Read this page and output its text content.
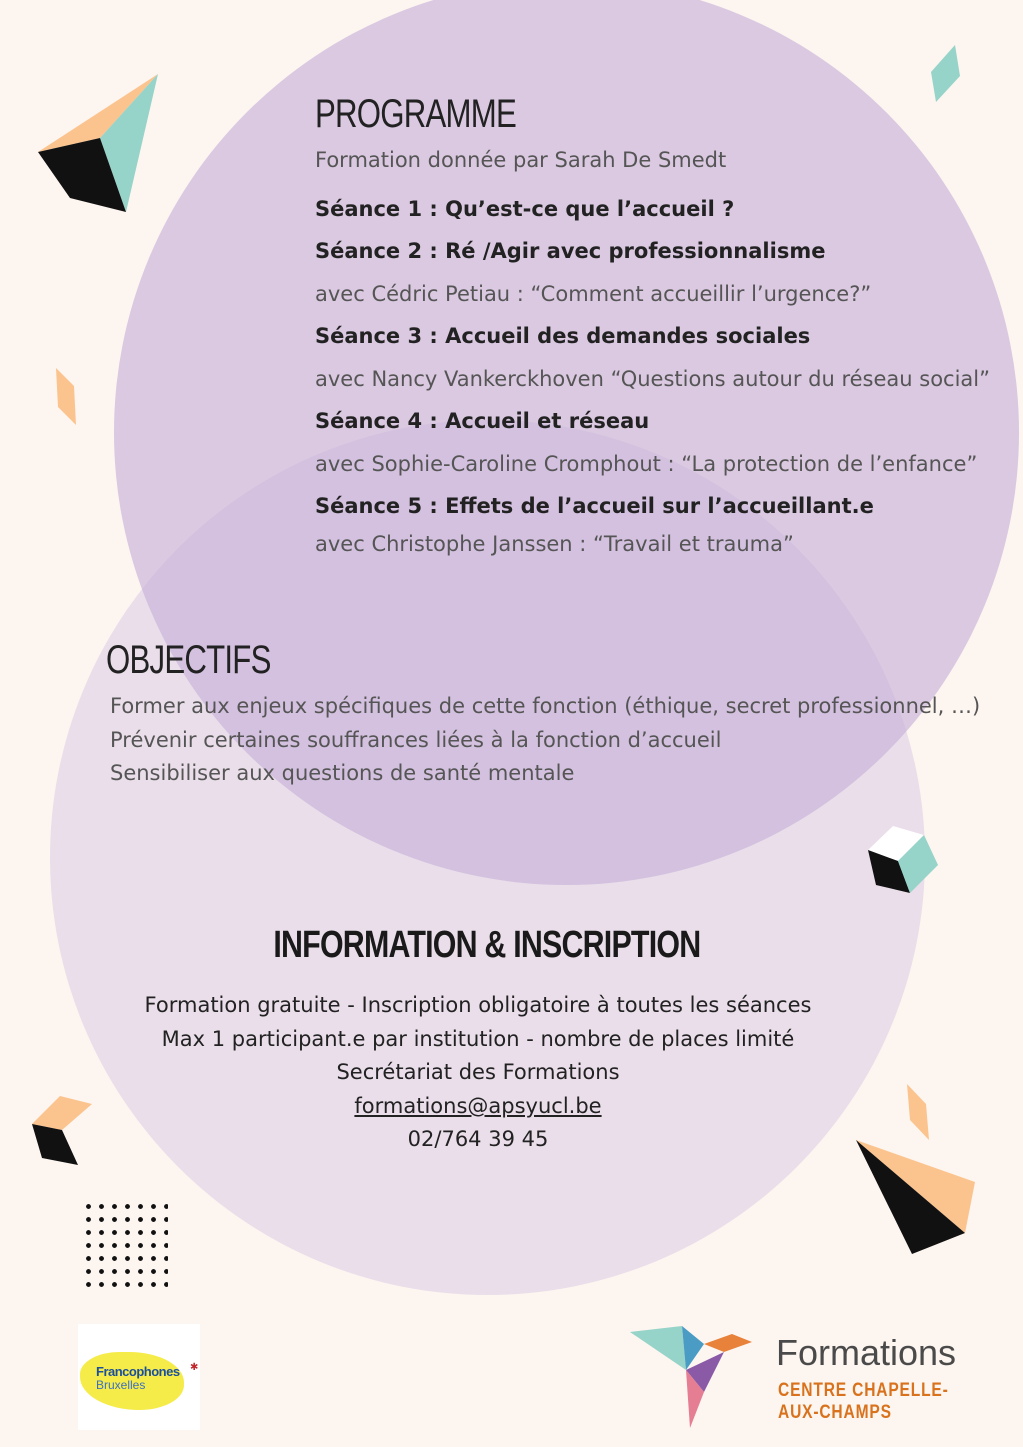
PROGRAMME
Formation donnée par Sarah De Smedt
Séance 1 : Qu’est-ce que l’accueil ?
Séance 2 : Ré /Agir avec professionnalisme
avec Cédric Petiau : “Comment accueillir l’urgence?”
Séance 3 : Accueil des demandes sociales
avec Nancy Vankerckhoven “Questions autour du réseau social”
Séance 4 : Accueil et réseau
avec Sophie-Caroline Cromphout : “La protection de l’enfance”
Séance 5 : Effets de l’accueil sur l’accueillant.e
avec Christophe Janssen : “Travail et trauma”
OBJECTIFS
Former aux enjeux spécifiques de cette fonction (éthique, secret professionnel, …)
Prévenir certaines souffrances liées à la fonction d’accueil
Sensibiliser aux questions de santé mentale
INFORMATION & INSCRIPTION
Formation gratuite - Inscription obligatoire à toutes les séances
Max 1 participant.e par institution - nombre de places limité
Secrétariat des Formations
formations@apsyucl.be
02/764 39 45
Francophones
Bruxelles
✱	Formations
CENTRE CHAPELLE-AUX-CHAMPS
